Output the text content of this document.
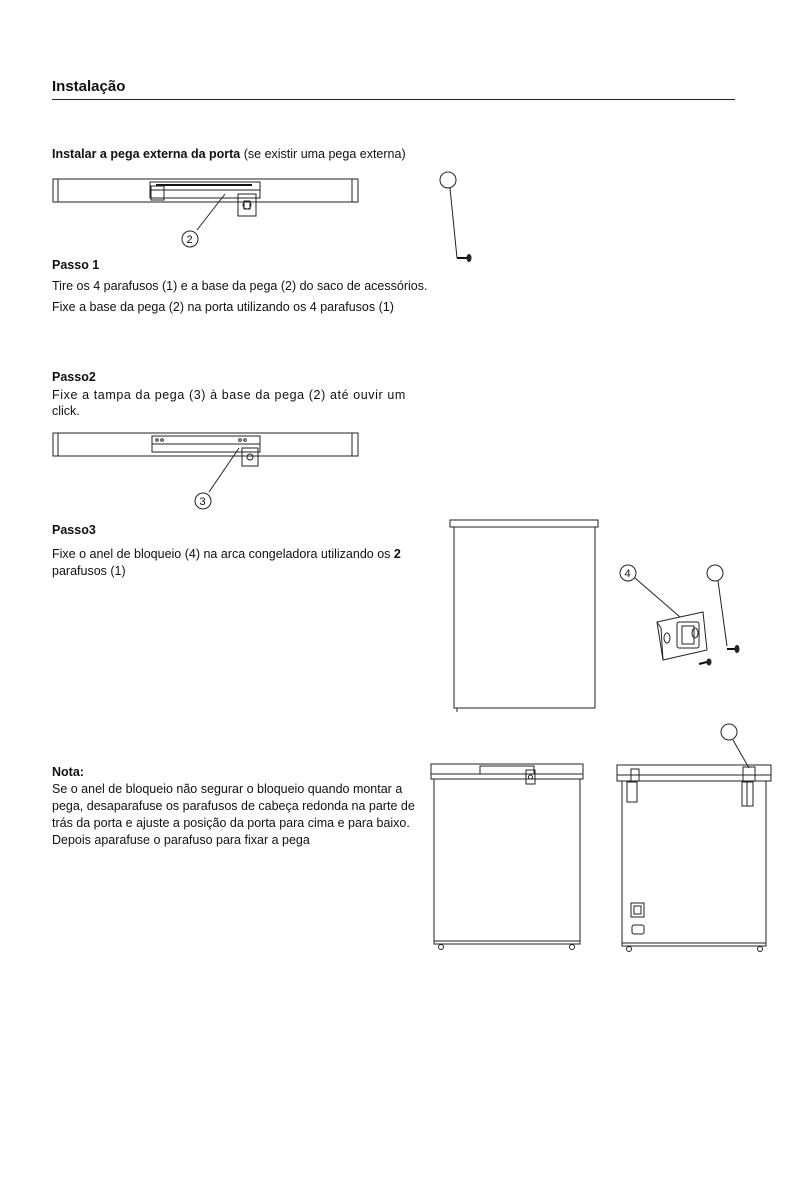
Instalação
Instalar a pega externa da porta (se existir uma pega externa)
2
Passo 1
Tire os 4 parafusos (1) e a base da pega (2) do saco de acessórios.
Fixe a base da pega (2) na porta utilizando os 4 parafusos (1)
Passo2
Fixe a tampa da pega (3) à base da pega (2) até ouvir um
click.
3
Passo3
Fixe o anel de bloqueio (4) na arca congeladora utilizando os 2
parafusos (1)	4
Nota:
Se o anel de bloqueio não segurar o bloqueio quando montar a
pega, desaparafuse os parafusos de cabeça redonda na parte de
trás da porta e ajuste a posição da porta para cima e para baixo.
Depois aparafuse o parafuso para fixar a pega
